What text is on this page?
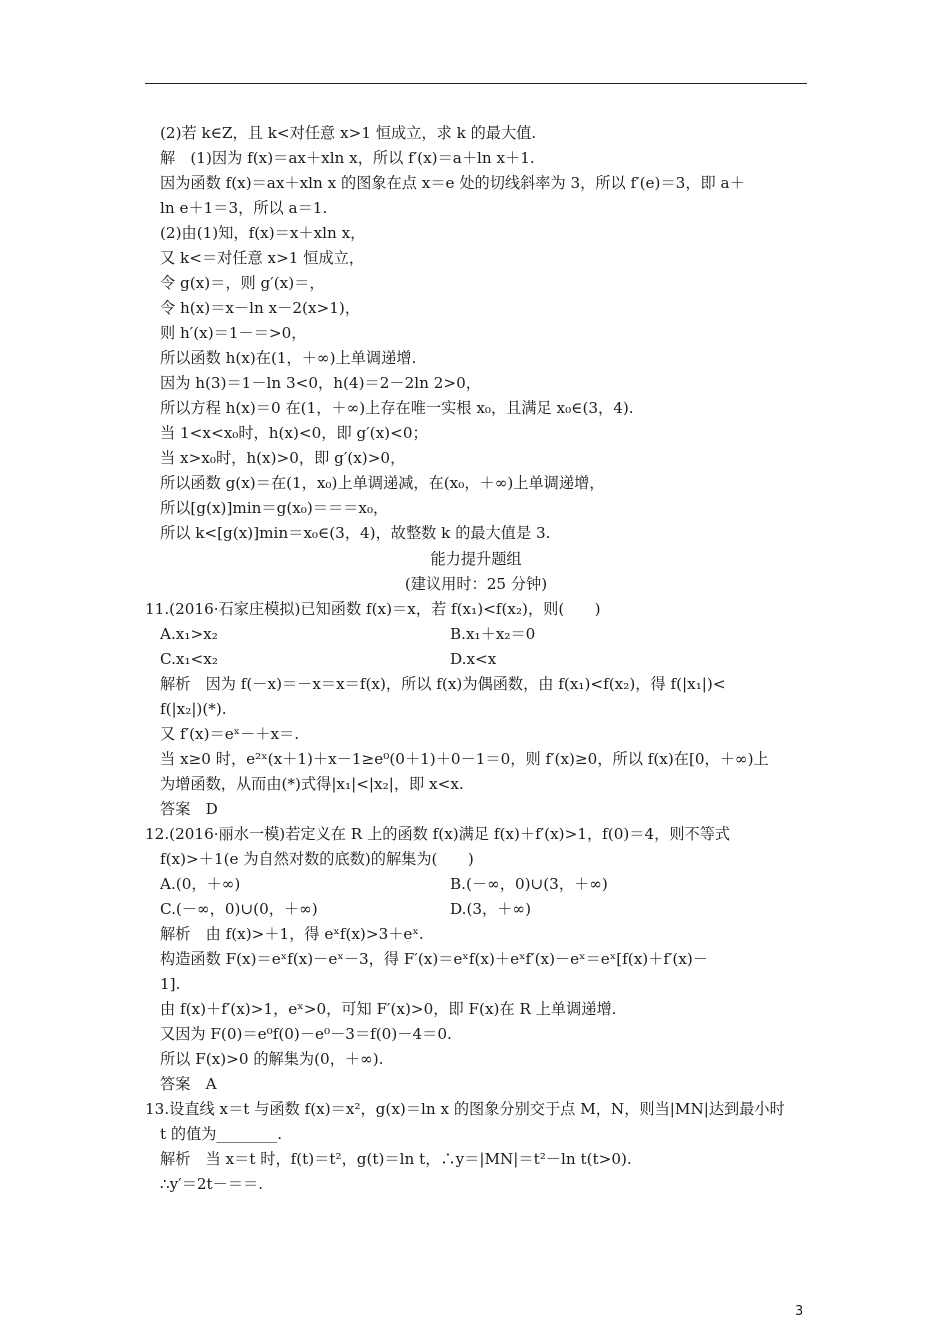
(2)若 k∈Z，且 k<对任意 x>1 恒成立，求 k 的最大值.
解　(1)因为 f(x)＝ax＋xln x，所以 f′(x)＝a＋ln x＋1.
因为函数 f(x)＝ax＋xln x 的图象在点 x＝e 处的切线斜率为 3，所以 f′(e)＝3，即 a＋
ln e＋1＝3，所以 a＝1.
(2)由(1)知，f(x)＝x＋xln x，
又 k<＝对任意 x>1 恒成立，
令 g(x)＝，则 g′(x)＝，
令 h(x)＝x－ln x－2(x>1)，
则 h′(x)＝1－＝>0，
所以函数 h(x)在(1，＋∞)上单调递增.
因为 h(3)＝1－ln 3<0，h(4)＝2－2ln 2>0，
所以方程 h(x)＝0 在(1，＋∞)上存在唯一实根 x₀，且满足 x₀∈(3，4).
当 1<x<x₀时，h(x)<0，即 g′(x)<0；
当 x>x₀时，h(x)>0，即 g′(x)>0，
所以函数 g(x)＝在(1，x₀)上单调递减，在(x₀，＋∞)上单调递增，
所以[g(x)]min＝g(x₀)＝＝＝x₀，
所以 k<[g(x)]min＝x₀∈(3，4)，故整数 k 的最大值是 3.
能力提升题组
(建议用时：25 分钟)
11.(2016·石家庄模拟)已知函数 f(x)＝x，若 f(x₁)<f(x₂)，则(　　)
A.x₁>x₂	B.x₁＋x₂＝0
C.x₁<x₂	D.x<x
解析　因为 f(－x)＝－x＝x＝f(x)，所以 f(x)为偶函数，由 f(x₁)<f(x₂)，得 f(|x₁|)<
f(|x₂|)(*).
又 f′(x)＝eˣ－＋x＝.
当 x≥0 时，e²ˣ(x＋1)＋x－1≥e⁰(0＋1)＋0－1＝0，则 f′(x)≥0，所以 f(x)在[0，＋∞)上
为增函数，从而由(*)式得|x₁|<|x₂|，即 x<x.
答案　D
12.(2016·丽水一模)若定义在 R 上的函数 f(x)满足 f(x)＋f′(x)>1，f(0)＝4，则不等式
f(x)>＋1(e 为自然对数的底数)的解集为(　　)
A.(0，＋∞)	B.(－∞，0)∪(3，＋∞)
C.(－∞，0)∪(0，＋∞)	D.(3，＋∞)
解析　由 f(x)>＋1，得 eˣf(x)>3＋eˣ.
构造函数 F(x)＝eˣf(x)－eˣ－3，得 F′(x)＝eˣf(x)＋eˣf′(x)－eˣ＝eˣ[f(x)＋f′(x)－
1].
由 f(x)＋f′(x)>1，eˣ>0，可知 F′(x)>0，即 F(x)在 R 上单调递增.
又因为 F(0)＝e⁰f(0)－e⁰－3＝f(0)－4＝0.
所以 F(x)>0 的解集为(0，＋∞).
答案　A
13.设直线 x＝t 与函数 f(x)＝x²，g(x)＝ln x 的图象分别交于点 M，N，则当|MN|达到最小时
t 的值为________.
解析　当 x＝t 时，f(t)＝t²，g(t)＝ln t，∴y＝|MN|＝t²－ln t(t>0).
∴y′＝2t－＝＝.
3
